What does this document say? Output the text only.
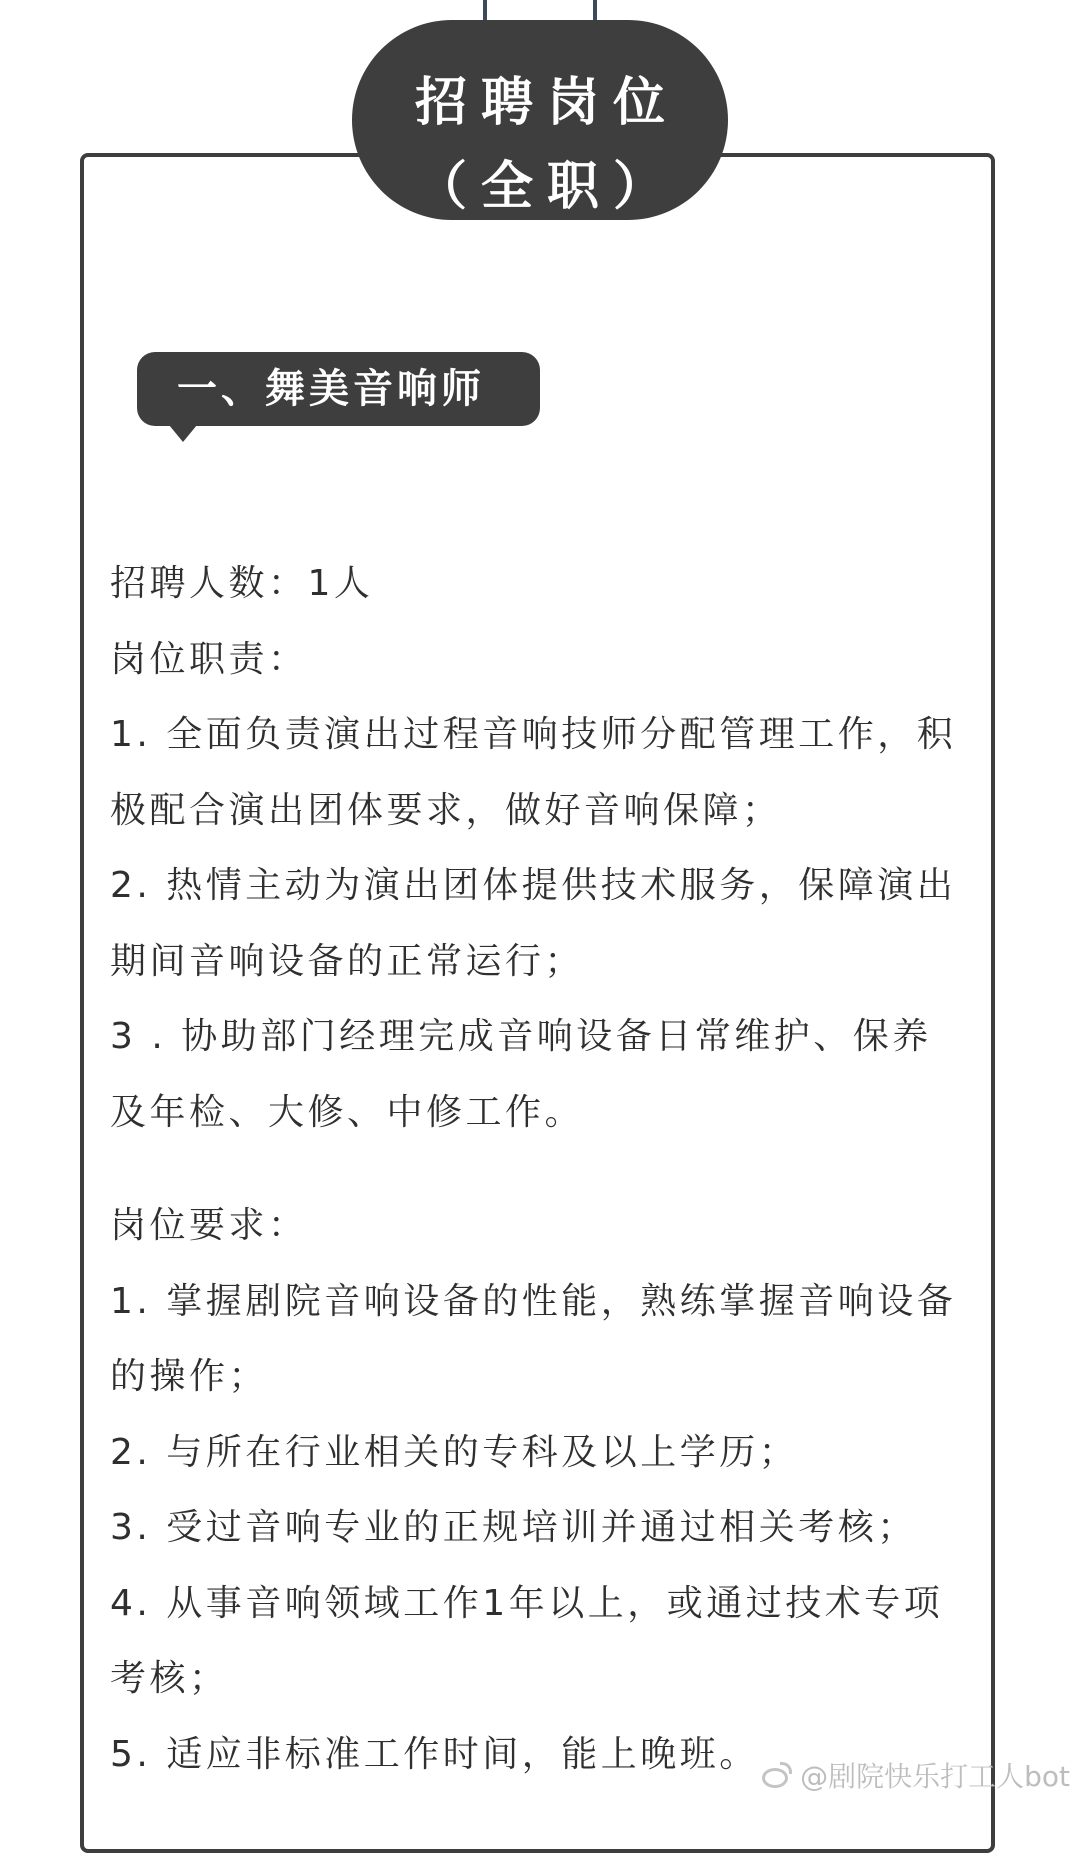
招聘岗位
（全职）
一、舞美音响师

招聘人数：1人

岗位职责：

1. 全面负责演出过程音响技师分配管理工作，积极配合演出团体要求，做好音响保障；

2. 热情主动为演出团体提供技术服务，保障演出期间音响设备的正常运行；

3 . 协助部门经理完成音响设备日常维护、保养及年检、大修、中修工作。

岗位要求：

1. 掌握剧院音响设备的性能，熟练掌握音响设备的操作；

2. 与所在行业相关的专科及以上学历；

3. 受过音响专业的正规培训并通过相关考核；

4. 从事音响领域工作1年以上，或通过技术专项考核；

5. 适应非标准工作时间，能上晚班。

@剧院快乐打工人bot
